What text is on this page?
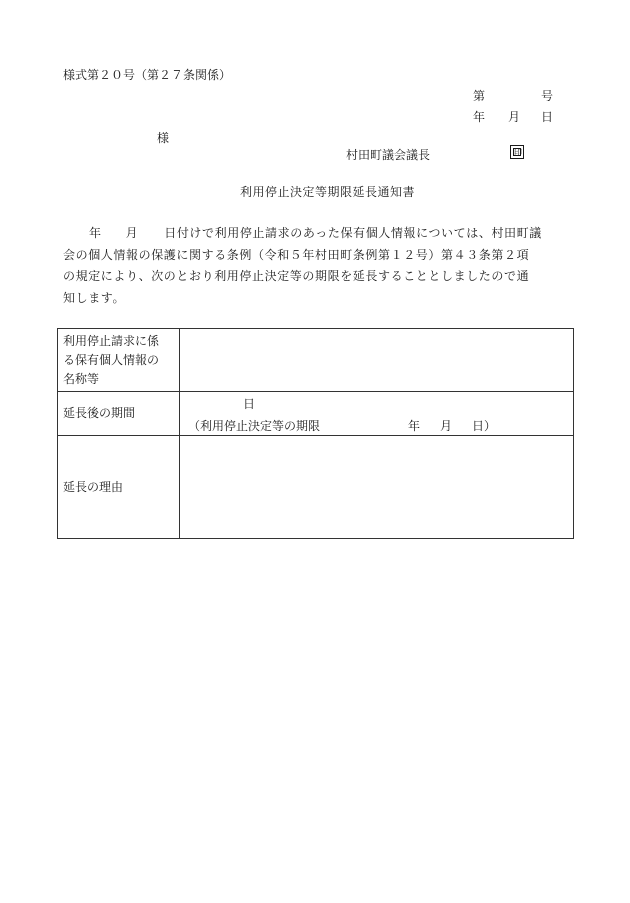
様式第２０号（第２７条関係）
第	号
年 月 日
様
村田町議会議長	印
利用停止決定等期限延長通知書
年 月 日付けで利用停止請求のあった保有個人情報については、村田町議
会の個人情報の保護に関する条例（令和５年村田町条例第１２号）第４３条第２項
の規定により、次のとおり利用停止決定等の期限を延長することとしましたので通
知します。
利用停止請求に係
る保有個人情報の
名称等	

延長後の期間	日
（利用停止決定等の期限 年 月 日）

延長の理由	
